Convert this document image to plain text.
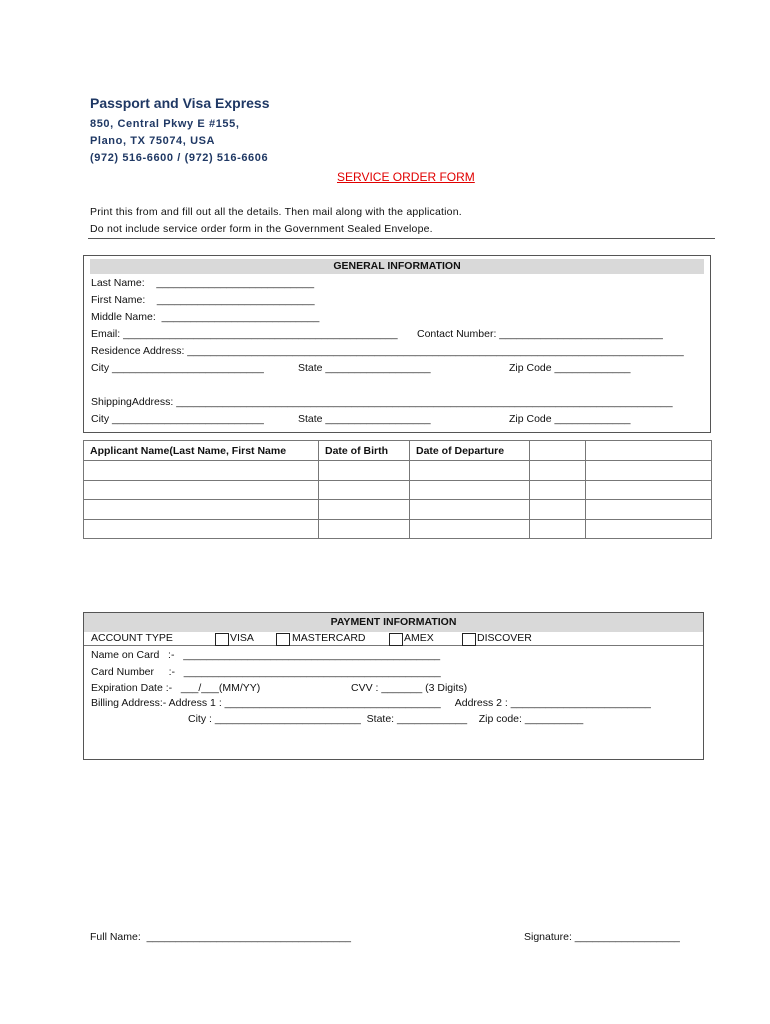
Passport and Visa Express
850, Central Pkwy E #155,
Plano, TX 75074, USA
(972) 516-6600 / (972) 516-6606
SERVICE ORDER FORM
Print this from and fill out all the details. Then mail along with the application.
Do not include service order form in the Government Sealed Envelope.
GENERAL INFORMATION
Last Name:    ___________________________
First Name:    ___________________________
Middle Name:  ___________________________
Email: _______________________________________________ Contact Number: ____________________________
Residence Address: _____________________________________________________________________________________
City __________________________	State __________________	Zip Code _____________
ShippingAddress: _____________________________________________________________________________________
City __________________________	State __________________	Zip Code _____________
Applicant Name(Last Name, First Name	Date of Birth	Date of Departure		

PAYMENT INFORMATION
ACCOUNT TYPE	VISA	MASTERCARD	AMEX	DISCOVER
Name on Card   :-   ____________________________________________
Card Number     :-   ____________________________________________
Expiration Date :-   ___/___(MM/YY)	CVV : _______ (3 Digits)
Billing Address:- Address 1 : _____________________________________     Address 2 : ________________________
City : _________________________  State: ____________    Zip code: __________
Full Name:  ___________________________________	Signature: __________________
